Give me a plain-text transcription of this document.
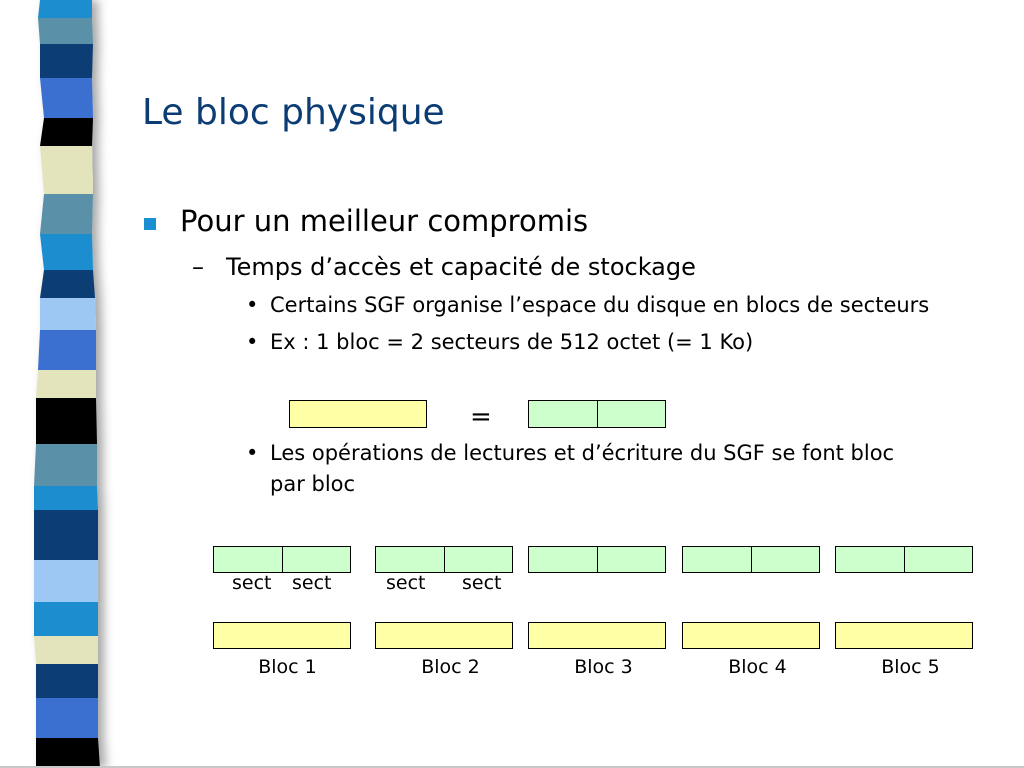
Le bloc physique
Pour un meilleur compromis
– Temps d’accès et capacité de stockage
• Certains SGF organise l’espace du disque en blocs de secteurs
• Ex : 1 bloc = 2 secteurs de 512 octet (= 1 Ko)
=
• Les opérations de lectures et d’écriture du SGF se font bloc
par bloc
sect sect	sect sect
Bloc 1	Bloc 2	Bloc 3	Bloc 4	Bloc 5
